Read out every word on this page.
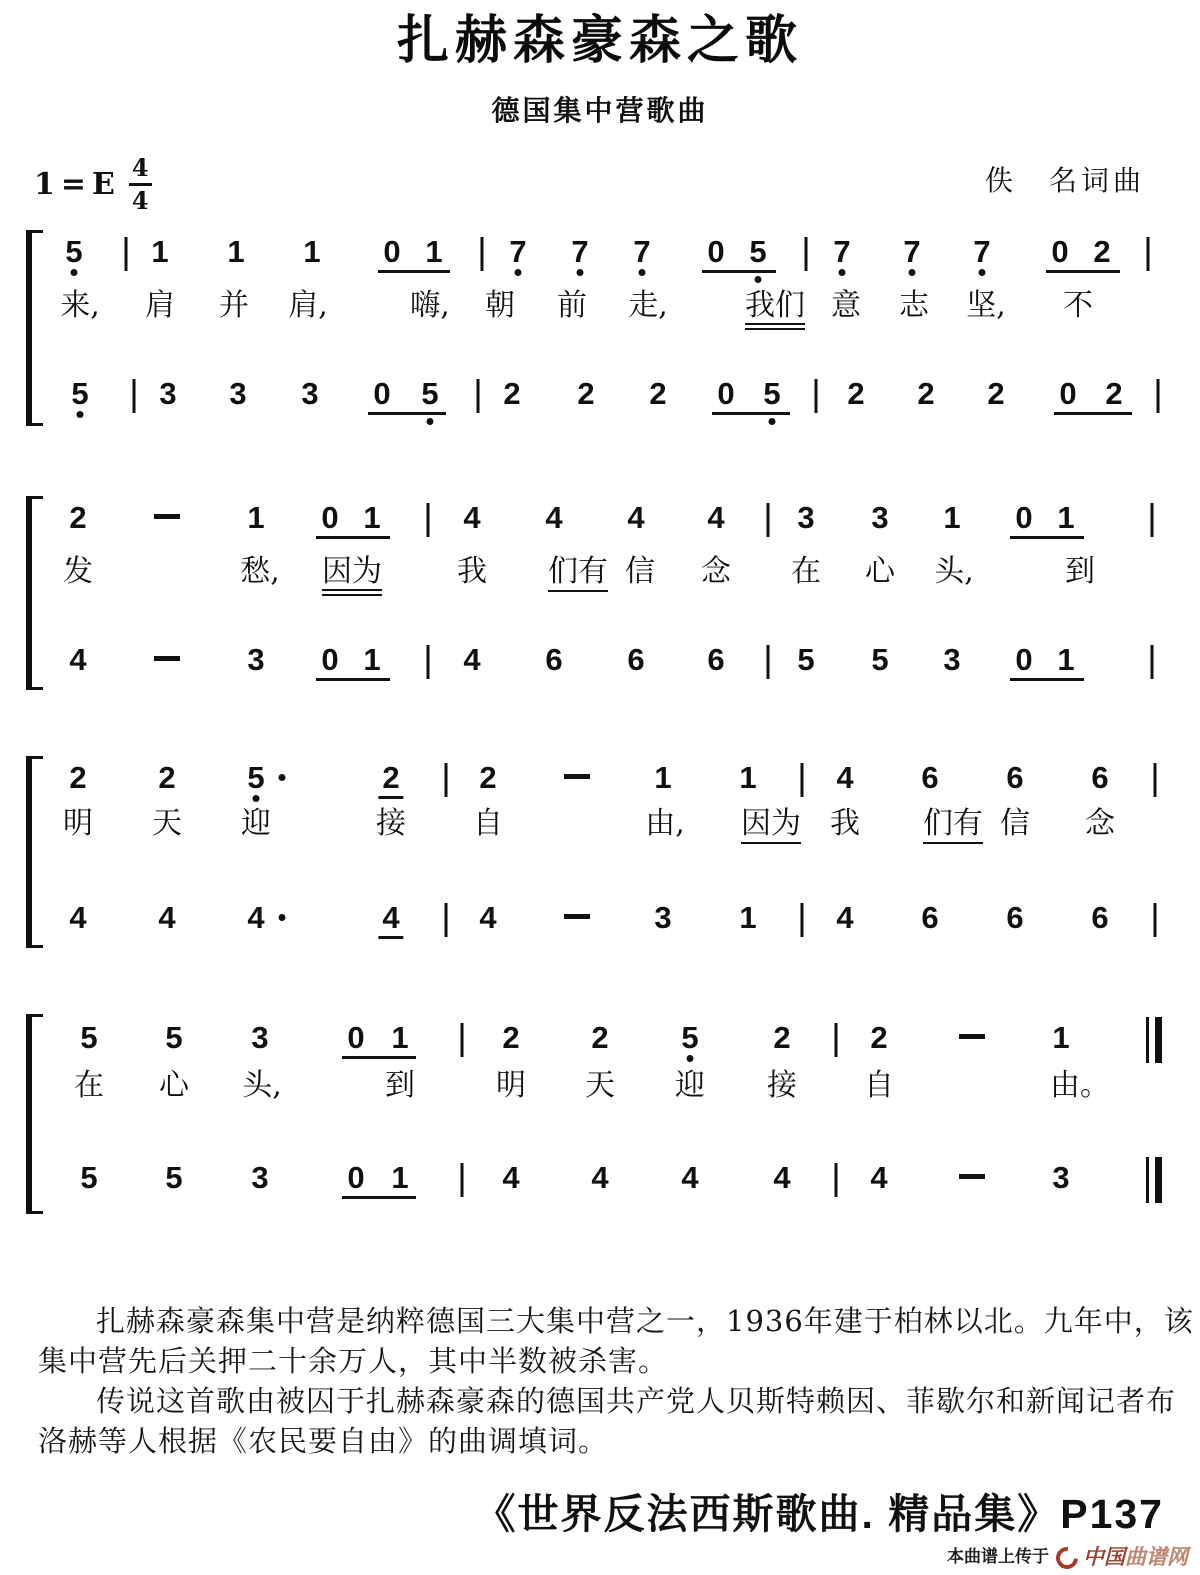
扎赫森豪森之歌
德国集中营歌曲
1 = E $\frac{4}{4}$	佚　名词曲
5 1 1 1 0 1 7 7 7 0 5 7 7 7 0 2
来, 肩 并 肩,	嗨, 朝 前 走,	我们 意 志 坚, 不
5 3 3 3 0 5 2 2 2 0 5 2 2 2 0 2
2	1 0 1	4 4 4 4 3 3 1 0 1
发	愁, 因为	我 们有 信 念 在 心 头,	到
4	3 0 1	4 6 6 6 5 5 3 0 1
2 2 5	2	2	1 1	4 6 6 6
明 天 迎	接 自	由, 因为 我 们有 信 念
4 4 4	4	4	3 1	4 6 6 6
5 5 3	0 1	2 2 5 2	2	1
在 心 头,	到	明 天 迎 接 自	由。
5 5 3	0 1	4 4 4 4	4	3
扎赫森豪森集中营是纳粹德国三大集中营之一，1936年建于柏林以北。九年中，该
集中营先后关押二十余万人，其中半数被杀害。
传说这首歌由被囚于扎赫森豪森的德国共产党人贝斯特赖因、菲歇尔和新闻记者布
洛赫等人根据《农民要自由》的曲调填词。
《世界反法西斯歌曲. 精品集》P137
本曲谱上传于 中国曲谱网
